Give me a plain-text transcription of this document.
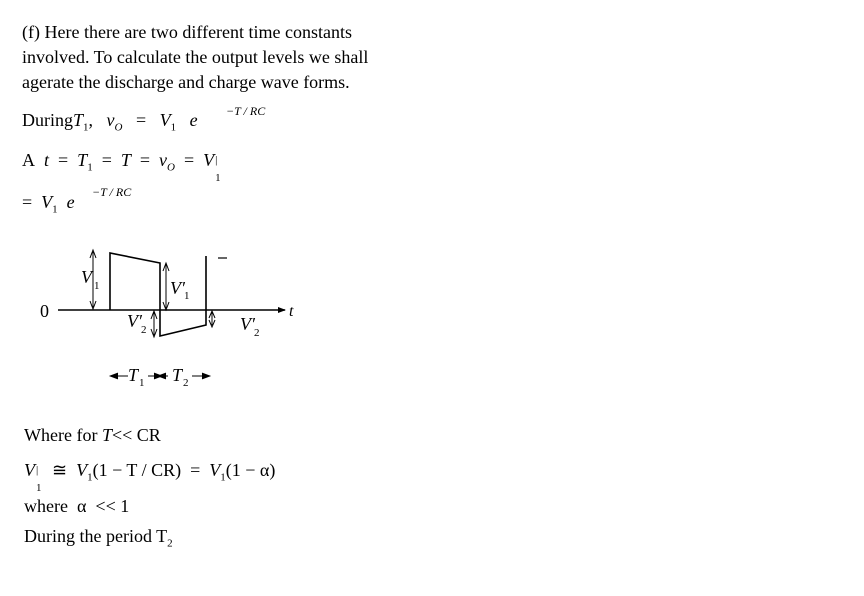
(f) Here there are two different time constants
involved. To calculate the output levels we shall
agerate the discharge and charge wave forms.
DuringT$_1$, $v_O = V_1$ e −T / RC
A $t = T_1 = T = v_O = V$ |
1
−T / RC
= $V_1$ e
0	t
V 1	V′ 1
V′ 2	V′ 2
T 1 T 2
Where for T<< CR
V |
1
≅ $V_1(1 - T / CR) = V_1(1 - \alpha)$
where α << 1
During the period $T_2$
